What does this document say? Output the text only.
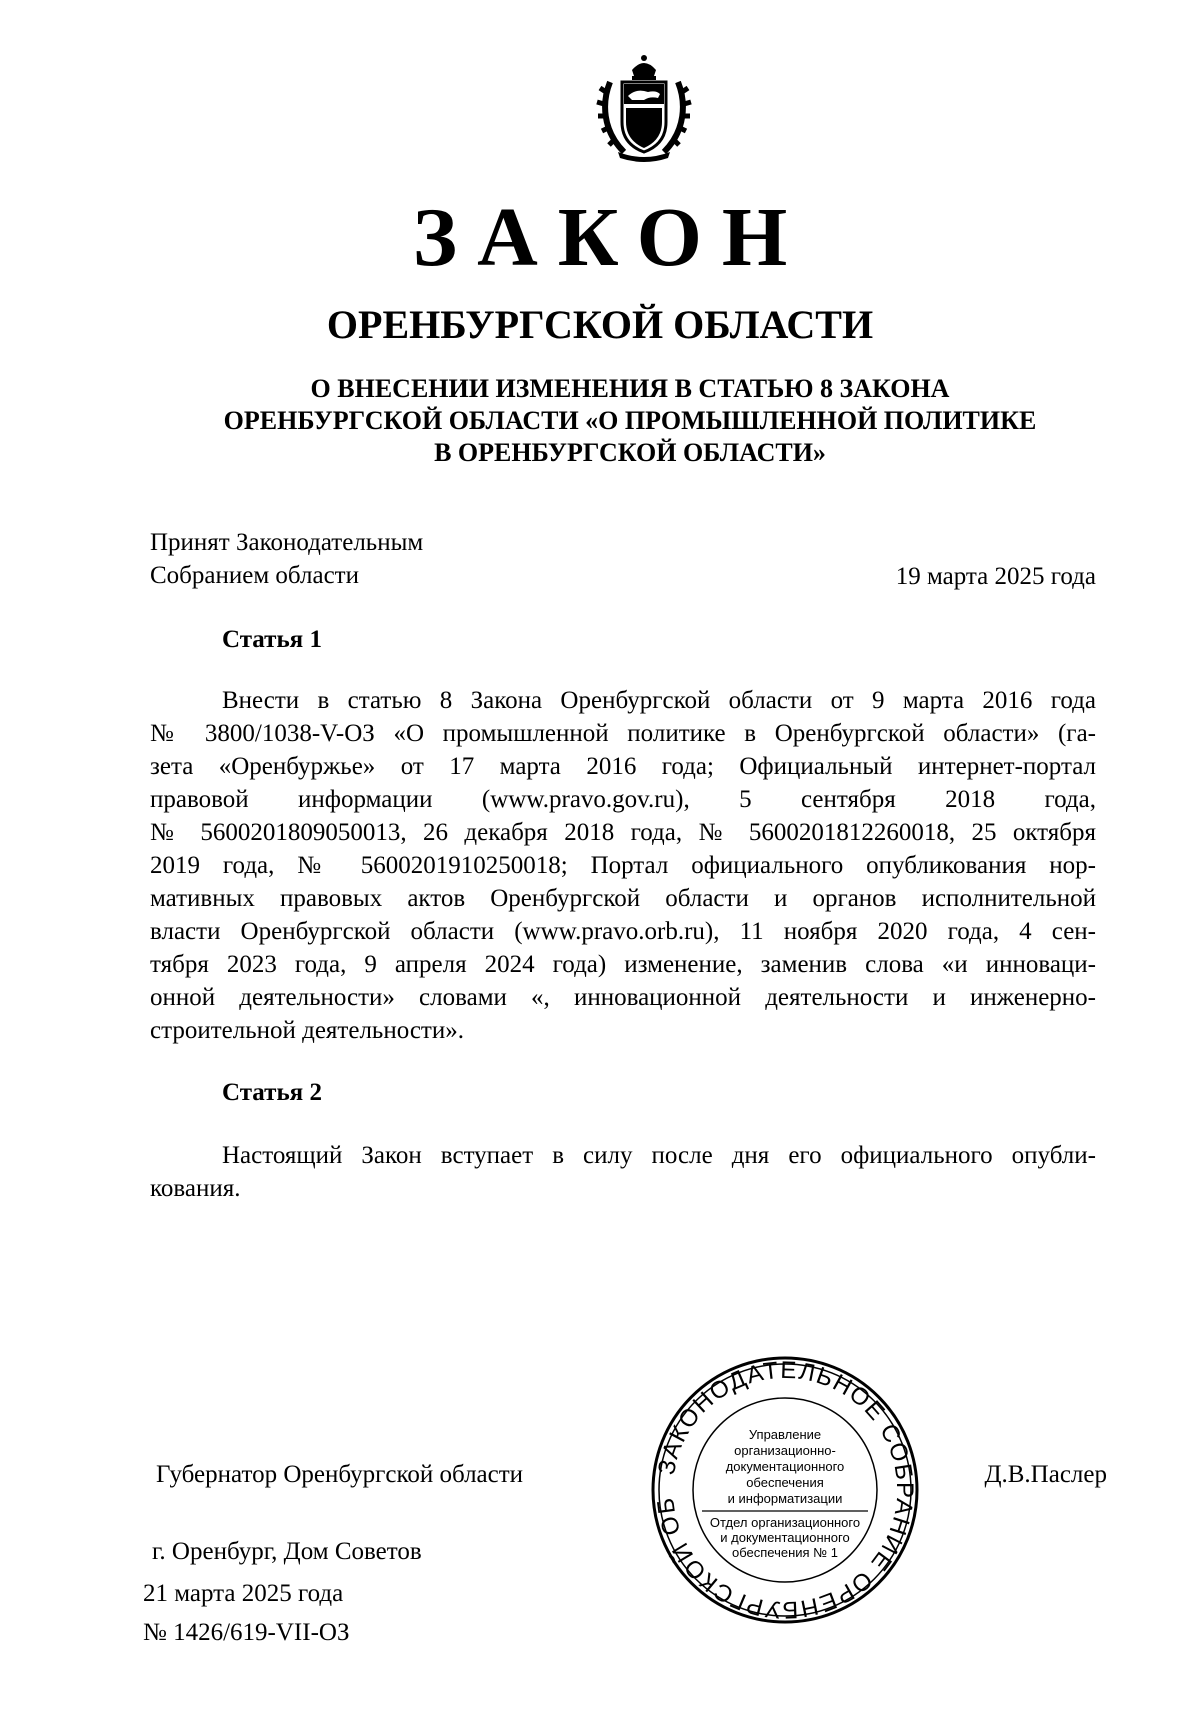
ЗАКОН
ОРЕНБУРГСКОЙ ОБЛАСТИ
О ВНЕСЕНИИ ИЗМЕНЕНИЯ В СТАТЬЮ 8 ЗАКОНА
ОРЕНБУРГСКОЙ ОБЛАСТИ «О ПРОМЫШЛЕННОЙ ПОЛИТИКЕ
В ОРЕНБУРГСКОЙ ОБЛАСТИ»
Принят Законодательным
Собранием области	19 марта 2025 года
Статья 1
Внести в статью 8 Закона Оренбургской области от 9 марта 2016 года
№ 3800/1038-V-ОЗ «О промышленной политике в Оренбургской области» (га-
зета «Оренбуржье» от 17 марта 2016 года; Официальный интернет-портал
правовой информации (www.pravo.gov.ru), 5 сентября 2018 года,
№ 5600201809050013, 26 декабря 2018 года, № 5600201812260018, 25 октября
2019 года, № 5600201910250018; Портал официального опубликования нор-
мативных правовых актов Оренбургской области и органов исполнительной
власти Оренбургской области (www.pravo.orb.ru), 11 ноября 2020 года, 4 сен-
тября 2023 года, 9 апреля 2024 года) изменение, заменив слова «и инноваци-
онной деятельности» словами «, инновационной деятельности и инженерно-
строительной деятельности».
Статья 2
Настоящий Закон вступает в силу после дня его официального опубли-
кования.
Губернатор Оренбургской области	Д.В.Паслер
г. Оренбург, Дом Советов
21 марта 2025 года
№ 1426/619-VII-ОЗ
ЗАКОНОДАТЕЛЬНОЕ СОБРАНИЕ ОРЕНБУРГСКОЙ ОБ
Управление
организационно-
документационного
обеспечения
и информатизации
Отдел организационного
и документационного
обеспечения № 1
